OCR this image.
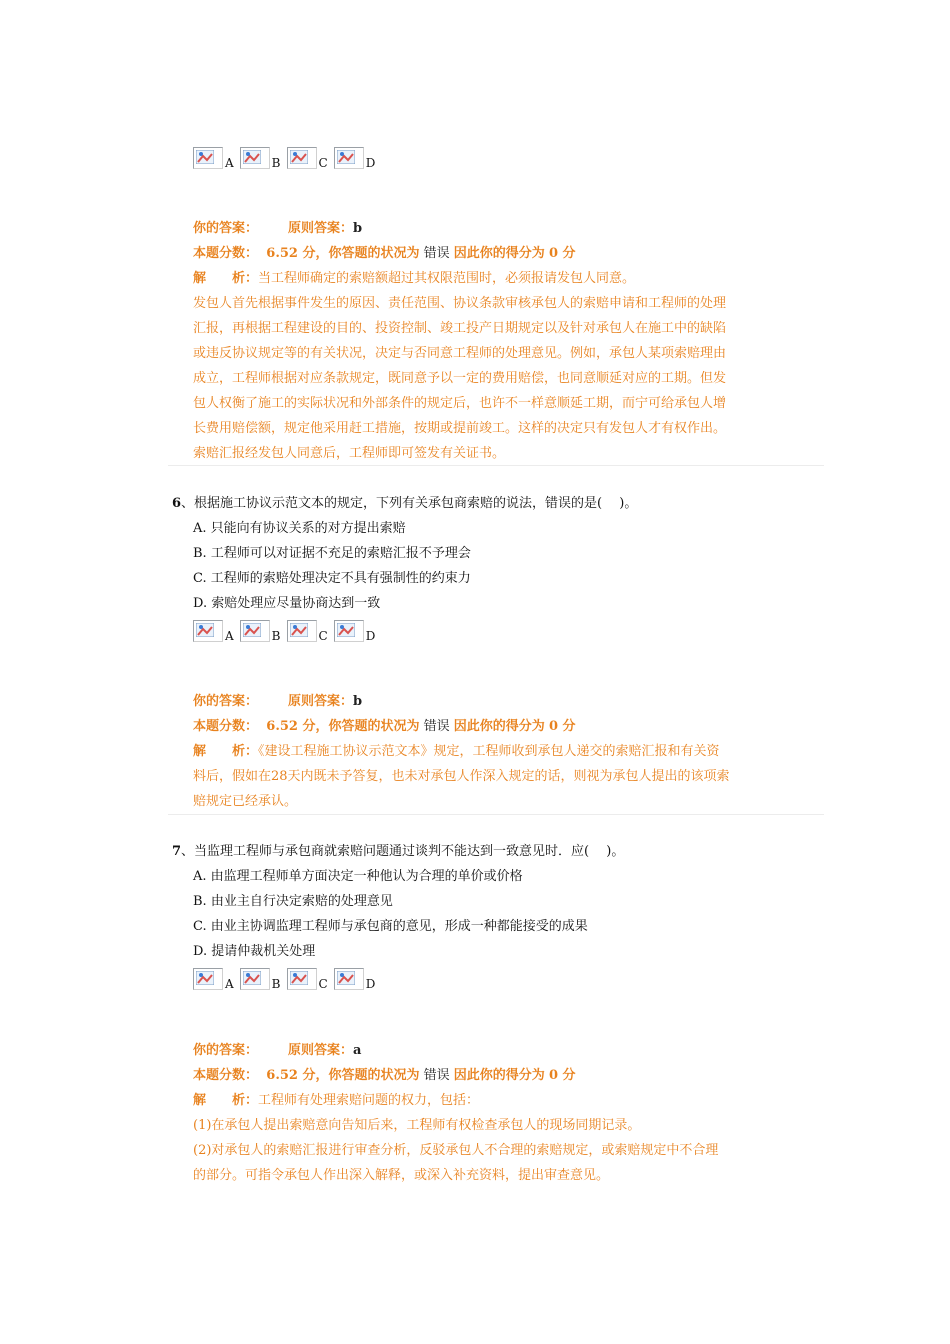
A	B	C	D
你的答案： 原则答案：b
本题分数： 6.52 分，你答题的状况为 错误 因此你的得分为 0 分
解　　析：当工程师确定的索赔额超过其权限范围时，必须报请发包人同意。
发包人首先根据事件发生的原因、责任范围、协议条款审核承包人的索赔申请和工程师的处理
汇报，再根据工程建设的目的、投资控制、竣工投产日期规定以及针对承包人在施工中的缺陷
或违反协议规定等的有关状况，决定与否同意工程师的处理意见。例如，承包人某项索赔理由
成立，工程师根据对应条款规定，既同意予以一定的费用赔偿，也同意顺延对应的工期。但发
包人权衡了施工的实际状况和外部条件的规定后，也许不一样意顺延工期，而宁可给承包人增
长费用赔偿额，规定他采用赶工措施，按期或提前竣工。这样的决定只有发包人才有权作出。
索赔汇报经发包人同意后，工程师即可签发有关证书。
6、根据施工协议示范文本的规定，下列有关承包商索赔的说法，错误的是(　 )。
A. 只能向有协议关系的对方提出索赔
B. 工程师可以对证据不充足的索赔汇报不予理会
C. 工程师的索赔处理决定不具有强制性的约束力
D. 索赔处理应尽量协商达到一致
A	B	C	D
你的答案： 原则答案：b
本题分数： 6.52 分，你答题的状况为 错误 因此你的得分为 0 分
解　　析：《建设工程施工协议示范文本》规定，工程师收到承包人递交的索赔汇报和有关资
料后，假如在28天内既未予答复，也未对承包人作深入规定的话，则视为承包人提出的该项索
赔规定已经承认。
7、当监理工程师与承包商就索赔问题通过谈判不能达到一致意见时．应(　 )。
A. 由监理工程师单方面决定一种他认为合理的单价或价格
B. 由业主自行决定索赔的处理意见
C. 由业主协调监理工程师与承包商的意见，形成一种都能接受的成果
D. 提请仲裁机关处理
A	B	C	D
你的答案： 原则答案：a
本题分数： 6.52 分，你答题的状况为 错误 因此你的得分为 0 分
解　　析：工程师有处理索赔问题的权力，包括：
(1)在承包人提出索赔意向告知后来，工程师有权检查承包人的现场同期记录。
(2)对承包人的索赔汇报进行审查分析，反驳承包人不合理的索赔规定，或索赔规定中不合理
的部分。可指令承包人作出深入解释，或深入补充资料，提出审查意见。
